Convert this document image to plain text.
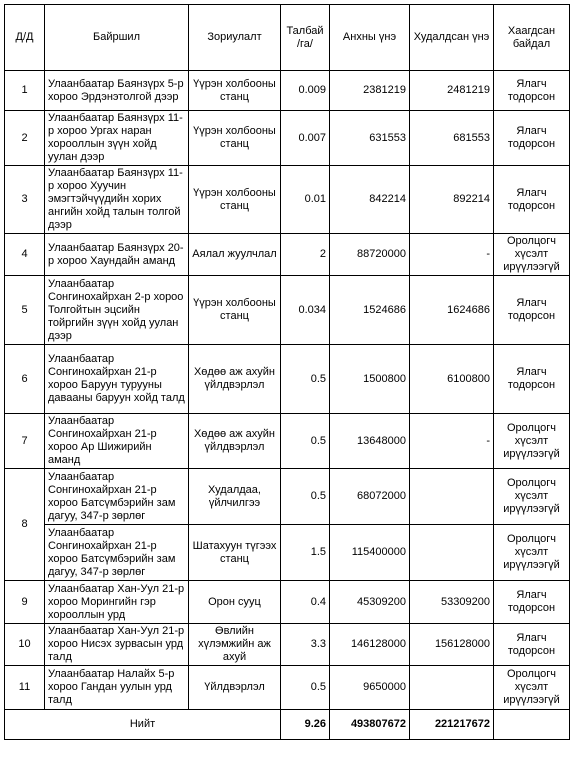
Д/Д	Байршил	Зориулалт	Талбай /га/	Анхны үнэ	Худалдсан үнэ	Хаагдсан байдал
1	Улаанбаатар Баянзүрх 5-р хороо Эрдэнэтолгой дээр	Үүрэн холбооны станц	0.009	2381219	2481219	Ялагч тодорсон
2	Улаанбаатар Баянзүрх 11-р хороо Ургах наран хорооллын зүүн хойд уулан дээр	Үүрэн холбооны станц	0.007	631553	681553	Ялагч тодорсон
3	Улаанбаатар Баянзүрх 11-р хороо Хуучин эмэгтэйчүүдийн хорих ангийн хойд талын толгой дээр	Үүрэн холбооны станц	0.01	842214	892214	Ялагч тодорсон
4	Улаанбаатар Баянзүрх 20-р хороо Хаундайн аманд	Аялал жуулчлал	2	88720000	-	Оролцогч хүсэлт ирүүлээгүй
5	Улаанбаатар Сонгинохайрхан 2-р хороо Толгойтын эцсийн тойргийн зүүн хойд уулан дээр	Үүрэн холбооны станц	0.034	1524686	1624686	Ялагч тодорсон
6	Улаанбаатар Сонгинохайрхан 21-р хороо Баруун турууны давааны баруун хойд талд	Хөдөө аж ахуйн үйлдвэрлэл	0.5	1500800	6100800	Ялагч тодорсон
7	Улаанбаатар Сонгинохайрхан 21-р хороо Ар Шижирийн аманд	Хөдөө аж ахуйн үйлдвэрлэл	0.5	13648000	-	Оролцогч хүсэлт ирүүлээгүй
8	Улаанбаатар Сонгинохайрхан 21-р хороо Батсүмбэрийн зам дагуу, 347-р зөрлөг	Худалдаа, үйлчилгээ	0.5	68072000		Оролцогч хүсэлт ирүүлээгүй
	Улаанбаатар Сонгинохайрхан 21-р хороо Батсүмбэрийн зам дагуу, 347-р зөрлөг	Шатахуун түгээх станц	1.5	115400000		Оролцогч хүсэлт ирүүлээгүй
9	Улаанбаатар Хан-Уул 21-р хороо Морингийн гэр хорооллын урд	Орон сууц	0.4	45309200	53309200	Ялагч тодорсон
10	Улаанбаатар Хан-Уул 21-р хороо Нисэх зурвасын урд талд	Өвлийн хүлэмжийн аж ахуй	3.3	146128000	156128000	Ялагч тодорсон
11	Улаанбаатар Налайх 5-р хороо Гандан уулын урд талд	Үйлдвэрлэл	0.5	9650000		Оролцогч хүсэлт ирүүлээгүй
Нийт			9.26	493807672	221217672	
